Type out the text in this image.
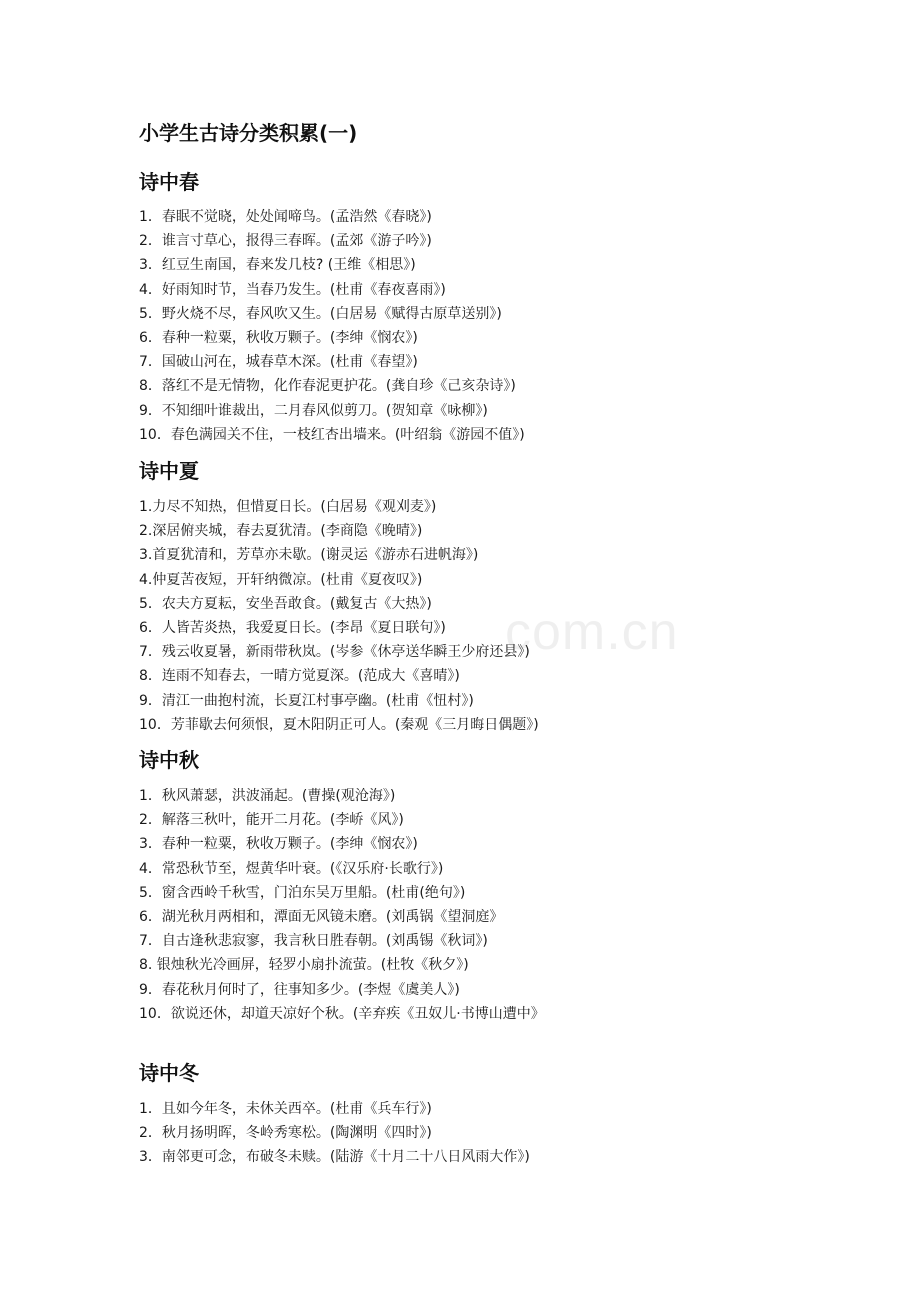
小学生古诗分类积累(一)
诗中春
1．春眠不觉晓，处处闻啼鸟。(孟浩然《春晓》)
2．谁言寸草心，报得三春晖。(孟郊《游子吟》)
3．红豆生南国，春来发几枝? (王维《相思》)
4．好雨知时节，当春乃发生。(杜甫《春夜喜雨》)
5．野火烧不尽，春风吹又生。(白居易《赋得古原草送别》)
6．春种一粒粟，秋收万颗子。(李绅《悯农》)
7．国破山河在，城春草木深。(杜甫《春望》)
8．落红不是无情物，化作春泥更护花。(龚自珍《己亥杂诗》)
9．不知细叶谁裁出，二月春风似剪刀。(贺知章《咏柳》)
10．春色满园关不住，一枝红杏出墙来。(叶绍翁《游园不值》)
诗中夏
1.力尽不知热，但惜夏日长。(白居易《观刈麦》)
2.深居俯夹城，春去夏犹清。(李商隐《晚晴》)
3.首夏犹清和，芳草亦未歇。(谢灵运《游赤石进帆海》)
4.仲夏苦夜短，开轩纳微凉。(杜甫《夏夜叹》)
5．农夫方夏耘，安坐吾敢食。(戴复古《大热》)
6．人皆苦炎热，我爱夏日长。(李昂《夏日联句》)
7．残云收夏暑，新雨带秋岚。(岑参《休亭送华瞬王少府还县》)
8．连雨不知春去，一晴方觉夏深。(范成大《喜晴》)
9．清江一曲抱村流，长夏江村事亭幽。(杜甫《忸村》)
10．芳菲歇去何须恨，夏木阳阴正可人。(秦观《三月晦日偶题》)
诗中秋
1．秋风萧瑟，洪波涌起。(曹操(观沧海》)
2．解落三秋叶，能开二月花。(李峤《风》)
3．春种一粒粟，秋收万颗子。(李绅《悯农》)
4．常恐秋节至，煜黄华叶衰。(《汉乐府·长歌行》)
5．窗含西岭千秋雪，门泊东吴万里船。(杜甫(绝句》)
6．湖光秋月两相和，潭面无风镜未磨。(刘禹锅《望洞庭》
7．自古逢秋悲寂寥，我言秋日胜春朝。(刘禹锡《秋词》)
8. 银烛秋光冷画屏，轻罗小扇扑流萤。(杜牧《秋夕》)
9．春花秋月何时了，往事知多少。(李煜《虞美人》)
10．欲说还休，却道天凉好个秋。(辛弃疾《丑奴儿·书博山遭中》
诗中冬
1．且如今年冬，未休关西卒。(杜甫《兵车行》)
2．秋月扬明晖，冬岭秀寒松。(陶渊明《四时》)
3．南邻更可念，布破冬未赎。(陆游《十月二十八日风雨大作》)
com.cn
